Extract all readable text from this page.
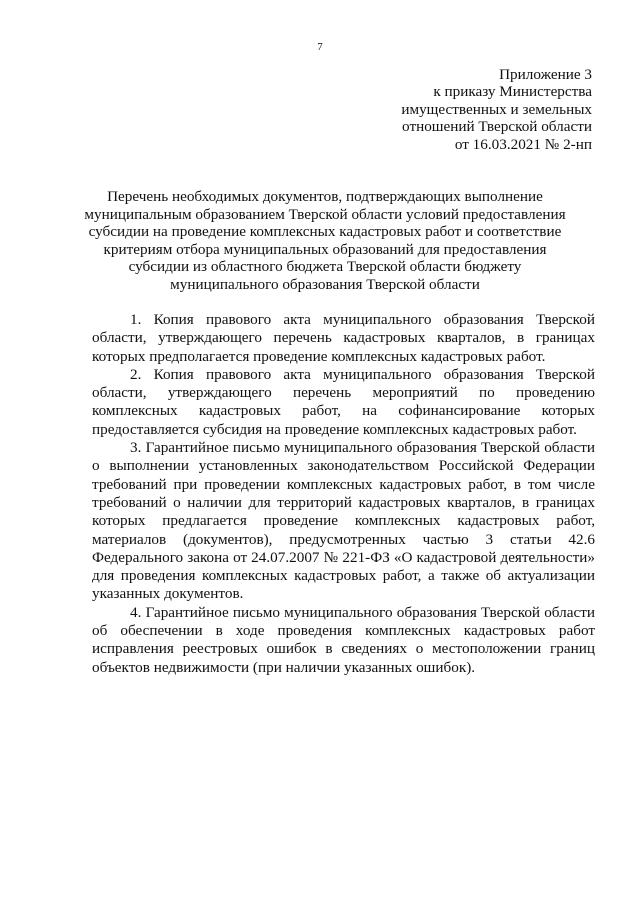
7
Приложение 3
к приказу Министерства
имущественных и земельных
отношений Тверской области
от 16.03.2021 № 2-нп
Перечень необходимых документов, подтверждающих выполнение
муниципальным образованием Тверской области условий предоставления
субсидии на проведение комплексных кадастровых работ и соответствие
критериям отбора муниципальных образований для предоставления
субсидии из областного бюджета Тверской области бюджету
муниципального образования Тверской области

1. Копия правового акта муниципального образования Тверской области, утверждающего перечень кадастровых кварталов, в границах которых предполагается проведение комплексных кадастровых работ.

2. Копия правового акта муниципального образования Тверской области, утверждающего перечень мероприятий по проведению комплексных кадастровых работ, на софинансирование которых предоставляется субсидия на проведение комплексных кадастровых работ.

3. Гарантийное письмо муниципального образования Тверской области о выполнении установленных законодательством Российской Федерации требований при проведении комплексных кадастровых работ, в том числе требований о наличии для территорий кадастровых кварталов, в границах которых предлагается проведение комплексных кадастровых работ, материалов (документов), предусмотренных частью 3 статьи 42.6 Федерального закона от 24.07.2007 № 221-ФЗ «О кадастровой деятельности» для проведения комплексных кадастровых работ, а также об актуализации указанных документов.

4. Гарантийное письмо муниципального образования Тверской области об обеспечении в ходе проведения комплексных кадастровых работ исправления реестровых ошибок в сведениях о местоположении границ объектов недвижимости (при наличии указанных ошибок).
